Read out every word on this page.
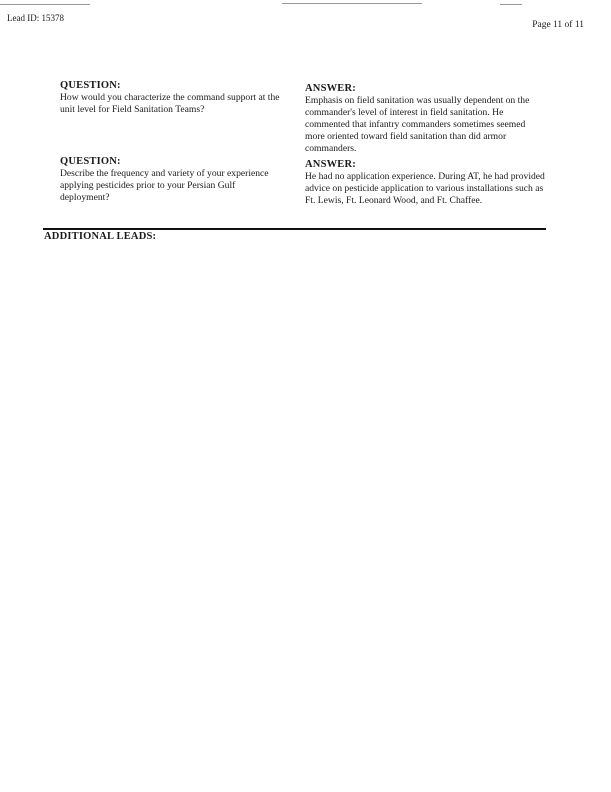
Lead ID: 15378
Page 11 of 11
QUESTION:
How would you characterize the command support at the unit level for Field Sanitation Teams?
ANSWER:
Emphasis on field sanitation was usually dependent on the commander's level of interest in field sanitation. He commented that infantry commanders sometimes seemed more oriented toward field sanitation than did armor commanders.
QUESTION:
Describe the frequency and variety of your experience applying pesticides prior to your Persian Gulf deployment?
ANSWER:
He had no application experience. During AT, he had provided advice on pesticide application to various installations such as Ft. Lewis, Ft. Leonard Wood, and Ft. Chaffee.
ADDITIONAL LEADS:
